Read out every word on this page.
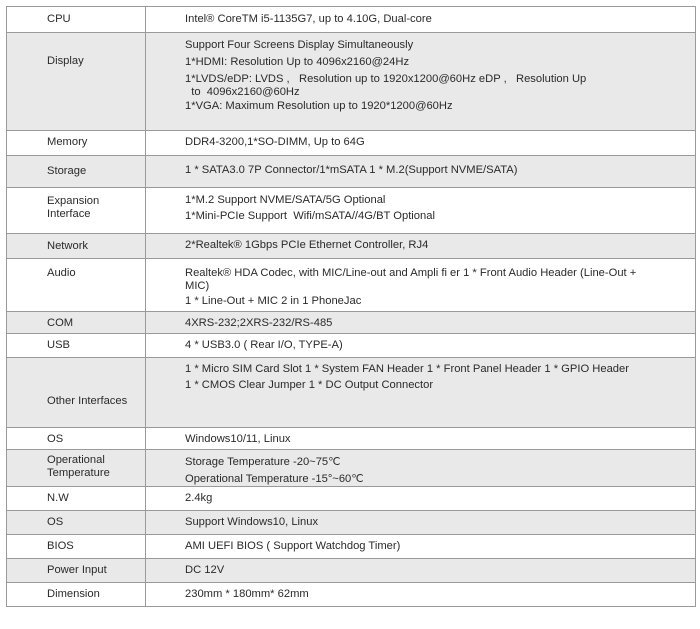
CPU	Intel® CoreTM i5-1135G7, up to 4.10G, Dual-core

Display	Support Four Screens Display Simultaneously
1*HDMI: Resolution Up to 4096x2160@24Hz
1*LVDS/eDP: LVDS ,   Resolution up to 1920x1200@60Hz eDP ,   Resolution Up
to  4096x2160@60Hz
1*VGA: Maximum Resolution up to 1920*1200@60Hz

Memory	DDR4-3200,1*SO-DIMM, Up to 64G

Storage	1 * SATA3.0 7P Connector/1*mSATA 1 * M.2(Support NVME/SATA)

Expansion
Interface	1*M.2 Support NVME/SATA/5G Optional
1*Mini-PCIe Support  Wifi/mSATA//4G/BT Optional

Network	2*Realtek® 1Gbps PCIe Ethernet Controller, RJ4

Audio	Realtek® HDA Codec, with MIC/Line-out and Ampli fi er 1 * Front Audio Header (Line-Out +
MIC)
1 * Line-Out + MIC 2 in 1 PhoneJac

COM	4XRS-232;2XRS-232/RS-485

USB	4 * USB3.0 ( Rear I/O, TYPE-A)

Other Interfaces	1 * Micro SIM Card Slot 1 * System FAN Header 1 * Front Panel Header 1 * GPIO Header
1 * CMOS Clear Jumper 1 * DC Output Connector

OS	Windows10/11, Linux

Operational
Temperature	Storage Temperature -20~75℃
Operational Temperature -15°~60℃

N.W	2.4kg

OS	Support Windows10, Linux

BIOS	AMI UEFI BIOS ( Support Watchdog Timer)

Power Input	DC 12V

Dimension	230mm * 180mm* 62mm
